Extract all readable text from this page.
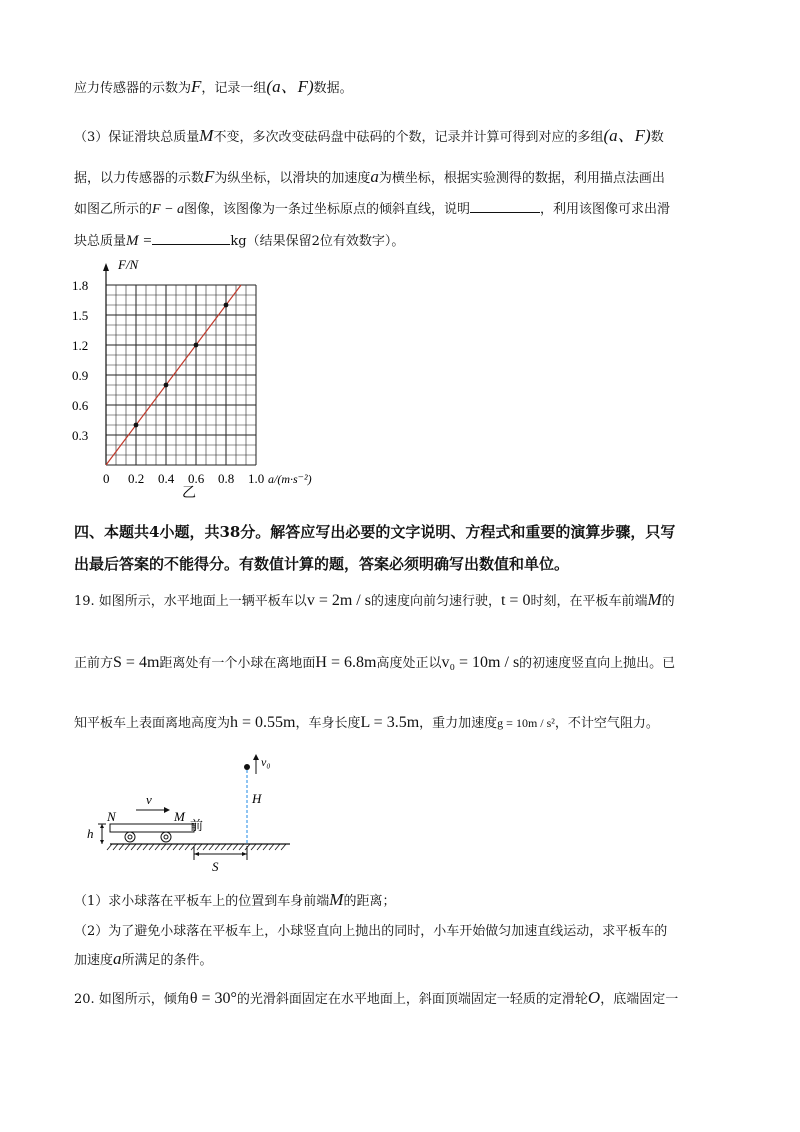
应力传感器的示数为F，记录一组(a、F)数据。
（3）保证滑块总质量M不变，多次改变砝码盘中砝码的个数，记录并计算可得到对应的多组(a、F)数
据，以力传感器的示数F为纵坐标，以滑块的加速度a为横坐标，根据实验测得的数据，利用描点法画出
如图乙所示的F − a图像，该图像为一条过坐标原点的倾斜直线，说明	，利用该图像可求出滑
块总质量M =	kg（结果保留2位有效数字）。
0 0.2 0.4 0.6 0.8 1.0
0.3
0.6
0.9
1.2
1.5
1.8
F/N
a/(m·s⁻²)
乙
四、本题共4小题，共38分。解答应写出必要的文字说明、方程式和重要的演算步骤，只写
出最后答案的不能得分。有数值计算的题，答案必须明确写出数值和单位。
19. 如图所示，水平地面上一辆平板车以v = 2m / s的速度向前匀速行驶，t = 0时刻，在平板车前端M的
正前方S = 4m距离处有一个小球在离地面H = 6.8m高度处正以v₀ = 10m / s的初速度竖直向上抛出。已
知平板车上表面离地高度为h = 0.55m，车身长度L = 3.5m，重力加速度g = 10m / s²，不计空气阻力。
v₀
H
N	M
前
v
h
S
（1）求小球落在平板车上的位置到车身前端M的距离；
（2）为了避免小球落在平板车上，小球竖直向上抛出的同时，小车开始做匀加速直线运动，求平板车的
加速度a所满足的条件。
20. 如图所示，倾角θ = 30°的光滑斜面固定在水平地面上，斜面顶端固定一轻质的定滑轮O，底端固定一
